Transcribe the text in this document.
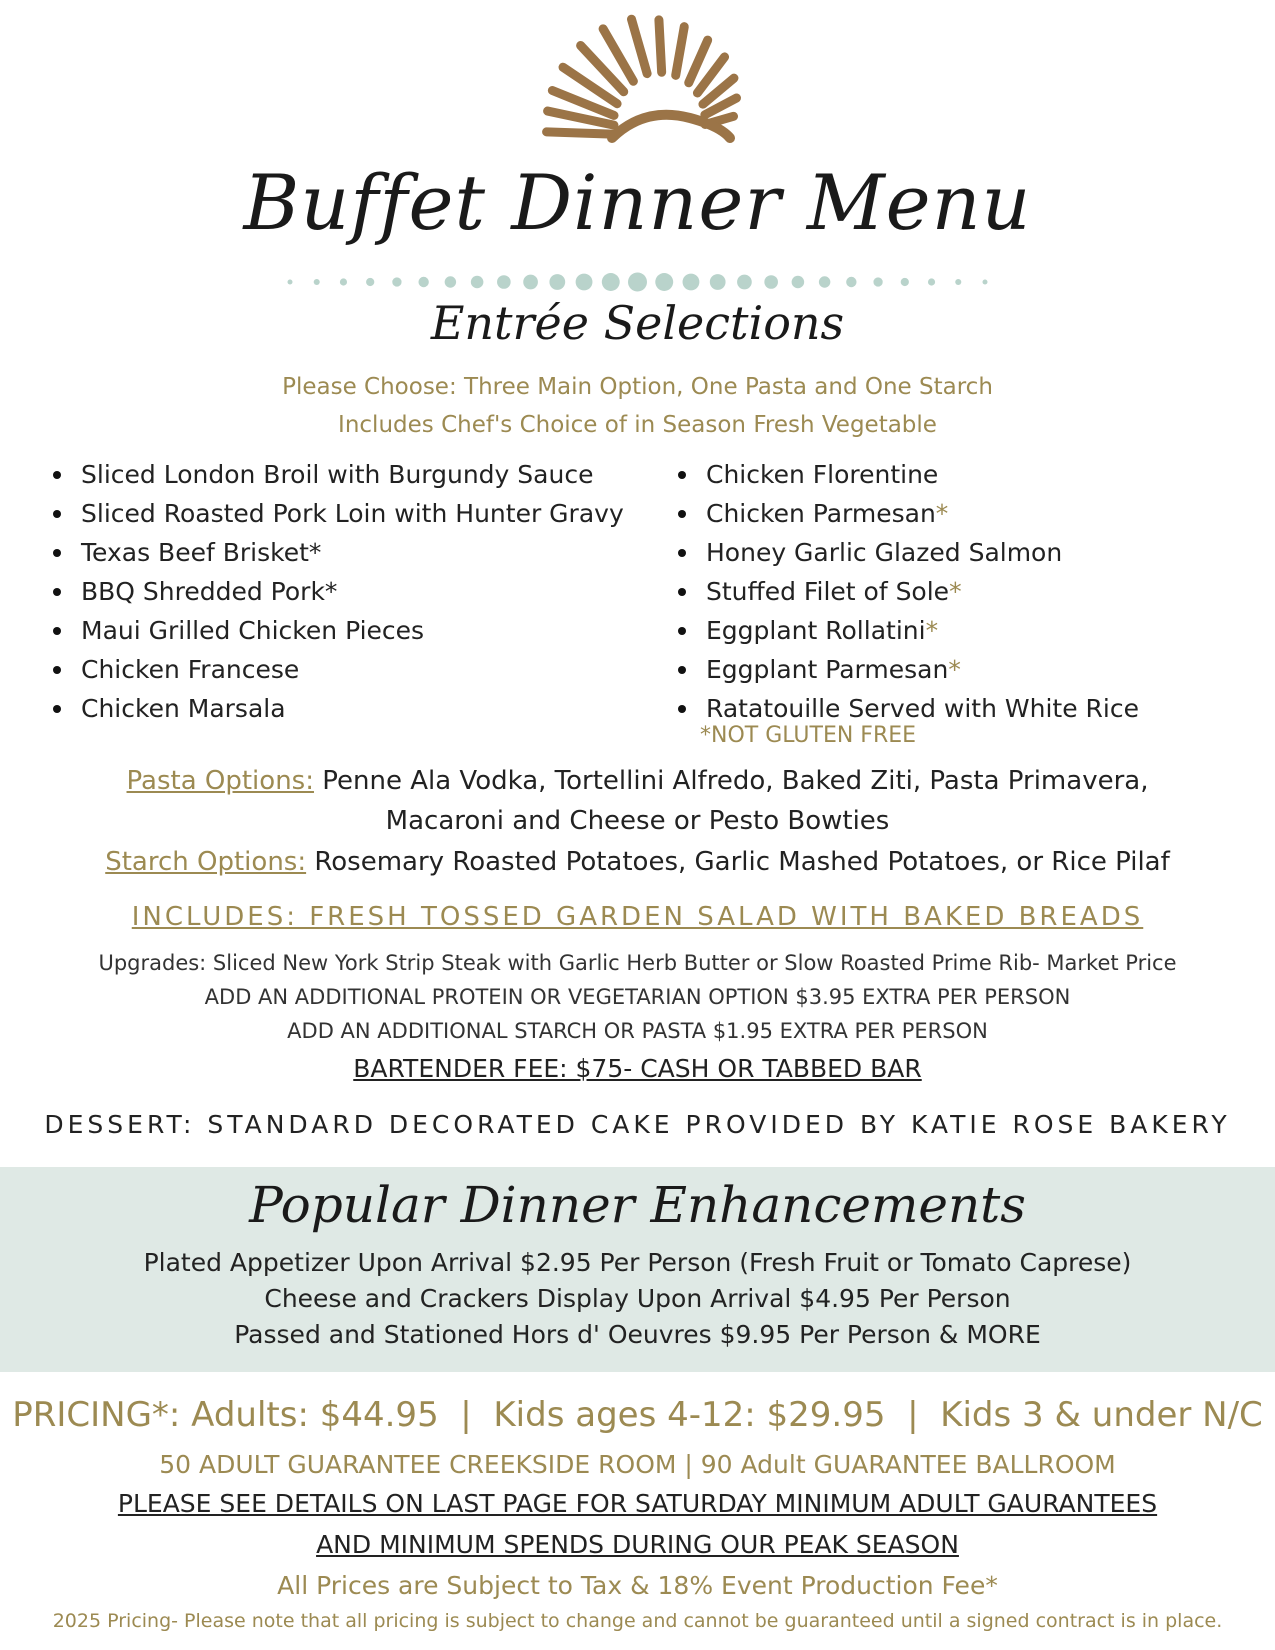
Buffet Dinner Menu
Entrée Selections
Please Choose: Three Main Option, One Pasta and One Starch
Includes Chef's Choice of in Season Fresh Vegetable
Sliced London Broil with Burgundy Sauce
Sliced Roasted Pork Loin with Hunter Gravy
Texas Beef Brisket*
BBQ Shredded Pork*
Maui Grilled Chicken Pieces
Chicken Francese
Chicken Marsala
Chicken Florentine
Chicken Parmesan*
Honey Garlic Glazed Salmon
Stuffed Filet of Sole*
Eggplant Rollatini*
Eggplant Parmesan*
Ratatouille Served with White Rice
*NOT GLUTEN FREE
Pasta Options: Penne Ala Vodka, Tortellini Alfredo, Baked Ziti, Pasta Primavera,
Macaroni and Cheese or Pesto Bowties
Starch Options: Rosemary Roasted Potatoes, Garlic Mashed Potatoes, or Rice Pilaf
INCLUDES: FRESH TOSSED GARDEN SALAD WITH BAKED BREADS
Upgrades: Sliced New York Strip Steak with Garlic Herb Butter or Slow Roasted Prime Rib- Market Price
ADD AN ADDITIONAL PROTEIN OR VEGETARIAN OPTION $3.95 EXTRA PER PERSON
ADD AN ADDITIONAL STARCH OR PASTA $1.95 EXTRA PER PERSON
BARTENDER FEE: $75- CASH OR TABBED BAR
DESSERT: STANDARD DECORATED CAKE PROVIDED BY KATIE ROSE BAKERY
Popular Dinner Enhancements
Plated Appetizer Upon Arrival $2.95 Per Person (Fresh Fruit or Tomato Caprese)
Cheese and Crackers Display Upon Arrival $4.95 Per Person
Passed and Stationed Hors d' Oeuvres $9.95 Per Person & MORE
PRICING*: Adults: $44.95  |  Kids ages 4-12: $29.95  |  Kids 3 & under N/C
50 ADULT GUARANTEE CREEKSIDE ROOM | 90 Adult GUARANTEE BALLROOM
PLEASE SEE DETAILS ON LAST PAGE FOR SATURDAY MINIMUM ADULT GAURANTEES
AND MINIMUM SPENDS DURING OUR PEAK SEASON
All Prices are Subject to Tax & 18% Event Production Fee*
2025 Pricing- Please note that all pricing is subject to change and cannot be guaranteed until a signed contract is in place.
